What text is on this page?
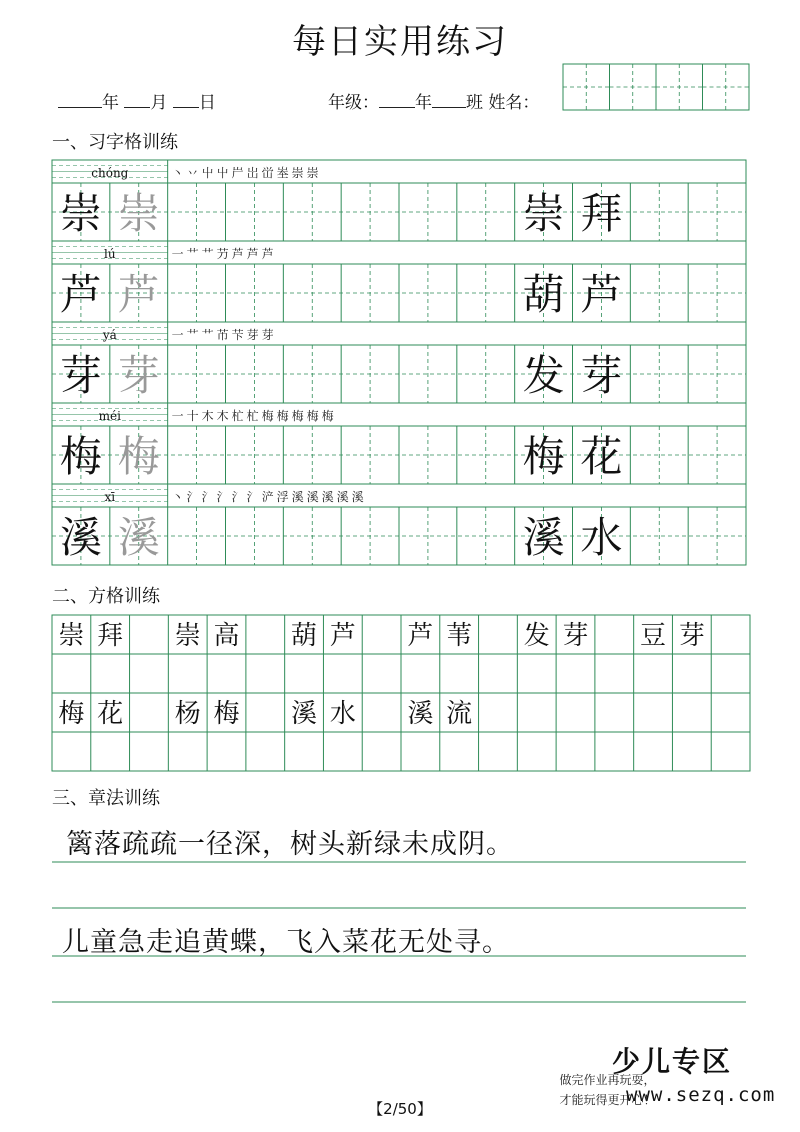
每日实用练习
年 月 日	年级： 年 班 姓名：
chóng	丶 丷 屮 屮 屵 岀 峃 峚 崇 崇
崇 崇	崇 拜
lú	一 艹 艹 芀 芦 芦 芦
芦 芦	葫 芦
yá	一 艹 艹 芇 芐 芽 芽
芽 芽	发 芽
méi	一 十 木 木 杧 杧 梅 梅 梅 梅 梅
梅 梅	梅 花
xī	丶 氵 氵 氵 氵 氵 浐 浮 溪 溪 溪 溪 溪
溪 溪	溪 水
崇 拜 崇 高 葫 芦 芦 苇 发 芽 豆 芽
梅 花 杨 梅 溪 水 溪 流
一、习字格训练
二、方格训练
三、章法训练
篱落疏疏一径深，树头新绿未成阴。
儿童急走追黄蝶，飞入菜花无处寻。
少儿专区
www.sezq.com
做完作业再玩耍，
才能玩得更开心！
【2/50】
